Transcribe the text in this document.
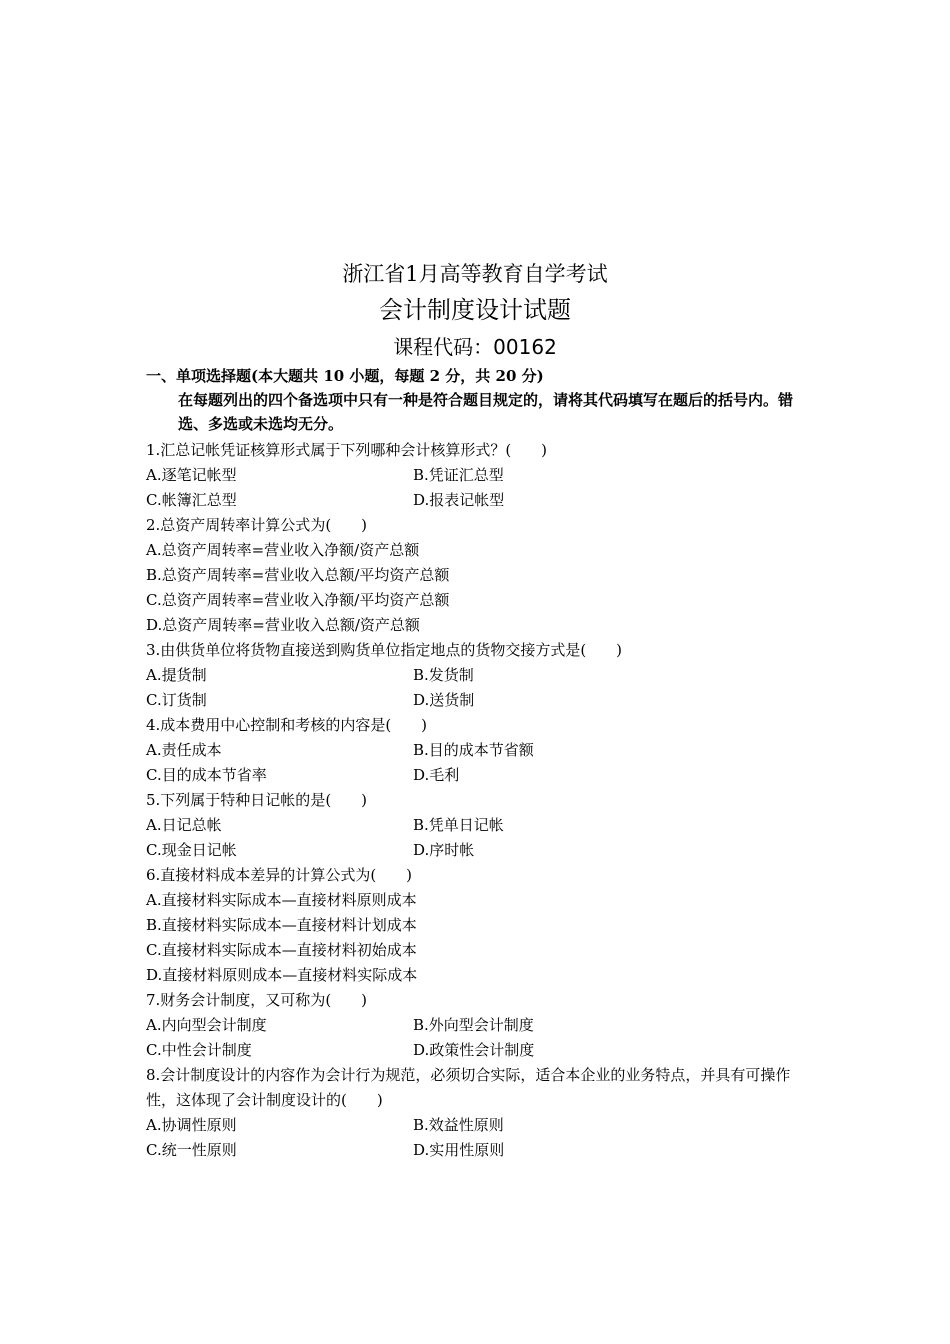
浙江省1月高等教育自学考试
会计制度设计试题
课程代码：00162
一、单项选择题(本大题共 10 小题，每题 2 分，共 20 分)
在每题列出的四个备选项中只有一种是符合题目规定的，请将其代码填写在题后的括号内。错选、多选或未选均无分。
1.汇总记帐凭证核算形式属于下列哪种会计核算形式？(　　)
A.逐笔记帐型	B.凭证汇总型
C.帐簿汇总型	D.报表记帐型
2.总资产周转率计算公式为(　　)
A.总资产周转率=营业收入净额/资产总额
B.总资产周转率=营业收入总额/平均资产总额
C.总资产周转率=营业收入净额/平均资产总额
D.总资产周转率=营业收入总额/资产总额
3.由供货单位将货物直接送到购货单位指定地点的货物交接方式是(　　)
A.提货制	B.发货制
C.订货制	D.送货制
4.成本费用中心控制和考核的内容是(　　)
A.责任成本	B.目的成本节省额
C.目的成本节省率	D.毛利
5.下列属于特种日记帐的是(　　)
A.日记总帐	B.凭单日记帐
C.现金日记帐	D.序时帐
6.直接材料成本差异的计算公式为(　　)
A.直接材料实际成本—直接材料原则成本
B.直接材料实际成本—直接材料计划成本
C.直接材料实际成本—直接材料初始成本
D.直接材料原则成本—直接材料实际成本
7.财务会计制度，又可称为(　　)
A.内向型会计制度	B.外向型会计制度
C.中性会计制度	D.政策性会计制度
8.会计制度设计的内容作为会计行为规范，必须切合实际，适合本企业的业务特点，并具有可操作性，这体现了会计制度设计的(　　)
A.协调性原则	B.效益性原则
C.统一性原则	D.实用性原则
